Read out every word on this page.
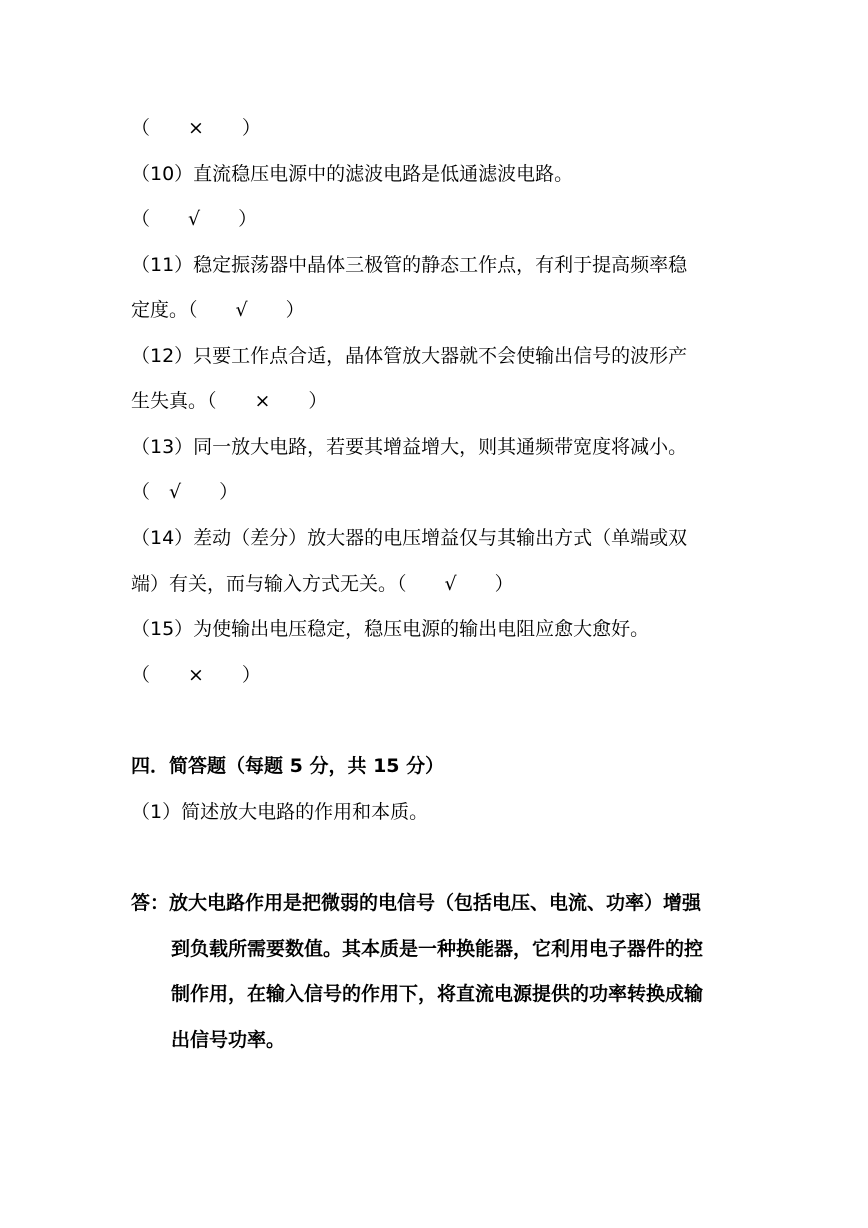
（　　×　　）
（10）直流稳压电源中的滤波电路是低通滤波电路。
（　　√　　）
（11）稳定振荡器中晶体三极管的静态工作点，有利于提高频率稳
定度。（　　√　　）
（12）只要工作点合适，晶体管放大器就不会使输出信号的波形产
生失真。（　　×　　）
（13）同一放大电路，若要其增益增大，则其通频带宽度将减小。
（　√　　）
（14）差动（差分）放大器的电压增益仅与其输出方式（单端或双
端）有关，而与输入方式无关。（　　√　　）
（15）为使输出电压稳定，稳压电源的输出电阻应愈大愈好。
（　　×　　）
四．简答题（每题 5 分，共 15 分）
（1）简述放大电路的作用和本质。
答：放大电路作用是把微弱的电信号（包括电压、电流、功率）增强
到负载所需要数值。其本质是一种换能器，它利用电子器件的控
制作用，在输入信号的作用下，将直流电源提供的功率转换成输
出信号功率。
